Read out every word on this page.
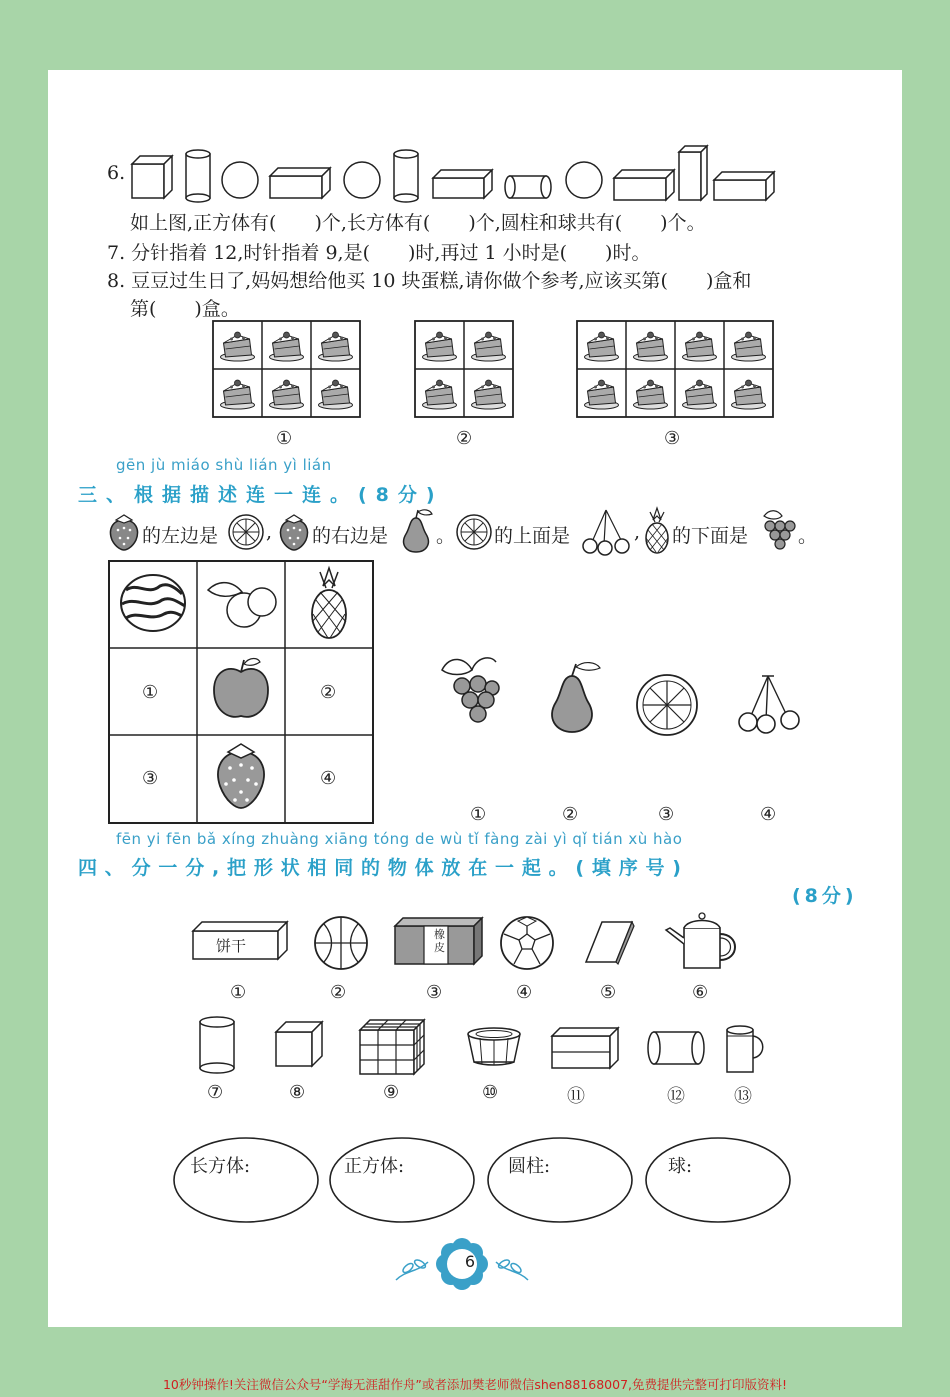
6.
如上图,正方体有(　　)个,长方体有(　　)个,圆柱和球共有(　　)个。
7. 分针指着 12,时针指着 9,是(　　)时,再过 1 小时是(　　)时。
8. 豆豆过生日了,妈妈想给他买 10 块蛋糕,请你做个参考,应该买第(　　)盒和
第(　　)盒。
①	②	③
gēn jù miáo shù lián yì lián
三、根据描述连一连。(8分)
的左边是	, 的右边是	。 的上面是	, 的下面是	。
①	②
③	④
①	②	③	④
fēn yi fēn bǎ xíng zhuàng xiāng tóng de wù tǐ fàng zài yì qǐ tián xù hào
四、分一分,把形状相同的物体放在一起。(填序号)
(8分)
饼干
橡皮
长方体:	正方体:	圆柱:	球:
6
10秒钟操作!关注微信公众号“学海无涯甜作舟”或者添加樊老师微信shen88168007,免费提供完整可打印版资料!
①	②	③	④	⑤	⑥
⑦	⑧	⑨	⑩	⑪	⑫	⑬
